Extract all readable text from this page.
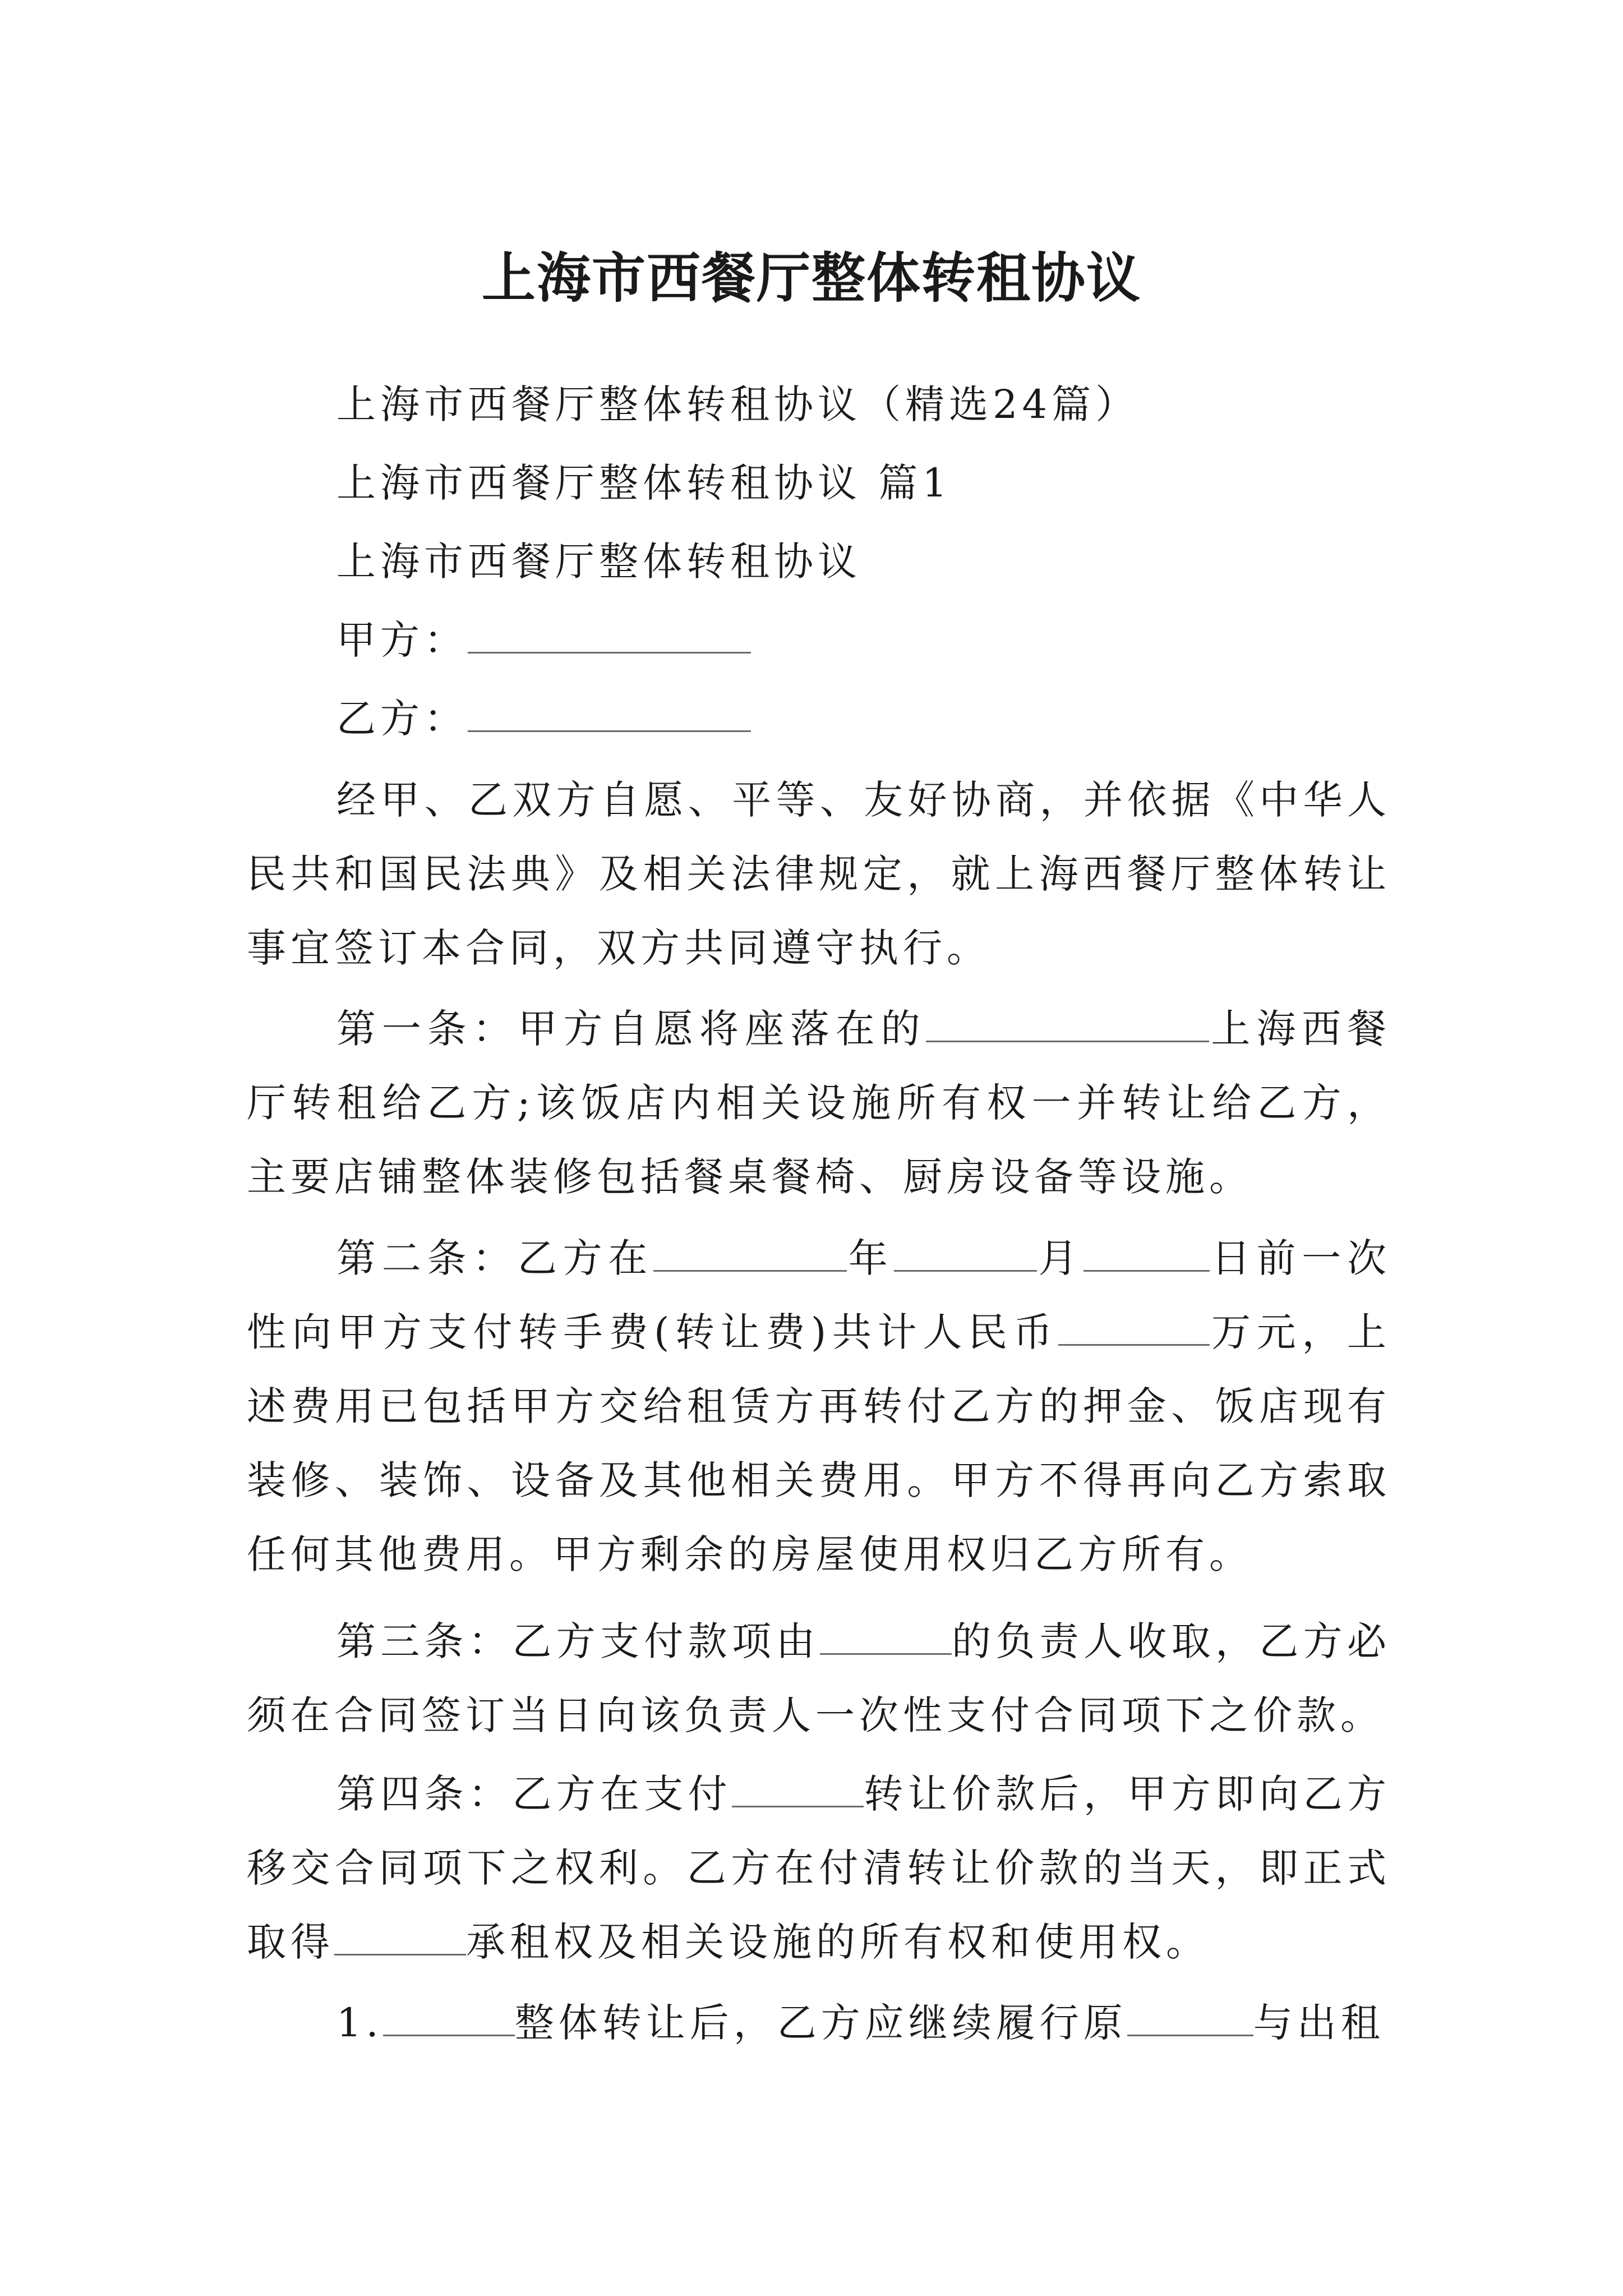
上海市西餐厅整体转租协议

上海市西餐厅整体转租协议（精选24篇）

上海市西餐厅整体转租协议 篇1

上海市西餐厅整体转租协议

甲方：

乙方：

经甲、乙双方自愿、平等、友好协商，并依据《中华人民共和国民法典》及相关法律规定，就上海西餐厅整体转让事宜签订本合同，双方共同遵守执行。

第一条：甲方自愿将座落在的	上海西餐厅转租给乙方;该饭店内相关设施所有权一并转让给乙方，主要店铺整体装修包括餐桌餐椅、厨房设备等设施。

第二条：乙方在	年	月	日前一次性向甲方支付转手费(转让费)共计人民币	万元，上述费用已包括甲方交给租赁方再转付乙方的押金、饭店现有装修、装饰、设备及其他相关费用。甲方不得再向乙方索取任何其他费用。甲方剩余的房屋使用权归乙方所有。

第三条：乙方支付款项由	的负责人收取，乙方必须在合同签订当日向该负责人一次性支付合同项下之价款。

第四条：乙方在支付	转让价款后，甲方即向乙方移交合同项下之权利。乙方在付清转让价款的当天，即正式取得	承租权及相关设施的所有权和使用权。

1.	整体转让后，乙方应继续履行原	与出租
